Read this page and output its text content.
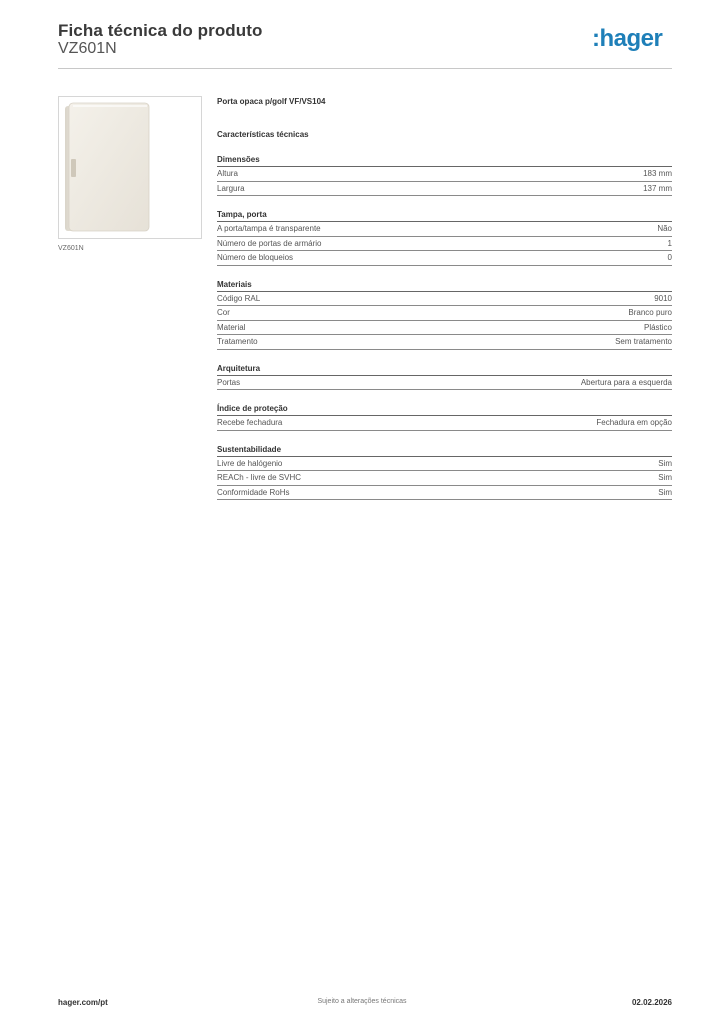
Ficha técnica do produto
VZ601N	:hager
VZ601N
Porta opaca p/golf VF/VS104
Características técnicas
Dimensões
Altura	183 mm
Largura	137 mm
Tampa, porta
A porta/tampa é transparente	Não
Número de portas de armário	1
Número de bloqueios	0
Materiais
Código RAL	9010
Cor	Branco puro
Material	Plástico
Tratamento	Sem tratamento
Arquitetura
Portas	Abertura para a esquerda
Índice de proteção
Recebe fechadura	Fechadura em opção
Sustentabilidade
Livre de halógenio	Sim
REACh - livre de SVHC	Sim
Conformidade RoHs	Sim
hager.com/pt	Sujeito a alterações técnicas	02.02.2026
